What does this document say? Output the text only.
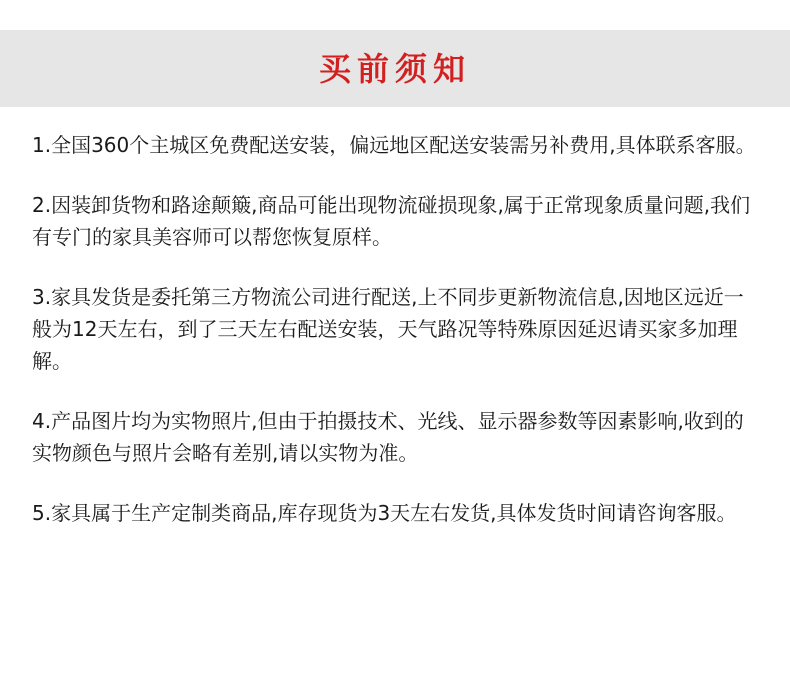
买前须知
1.全国360个主城区免费配送安装，偏远地区配送安装需另补费用,具体联系客服。
2.因装卸货物和路途颠簸,商品可能出现物流碰损现象,属于正常现象质量问题,我们有专门的家具美容师可以帮您恢复原样。
3.家具发货是委托第三方物流公司进行配送,上不同步更新物流信息,因地区远近一般为12天左右，到了三天左右配送安装，天气路况等特殊原因延迟请买家多加理解。
4.产品图片均为实物照片,但由于拍摄技术、光线、显示器参数等因素影响,收到的实物颜色与照片会略有差别,请以实物为准。
5.家具属于生产定制类商品,库存现货为3天左右发货,具体发货时间请咨询客服。
